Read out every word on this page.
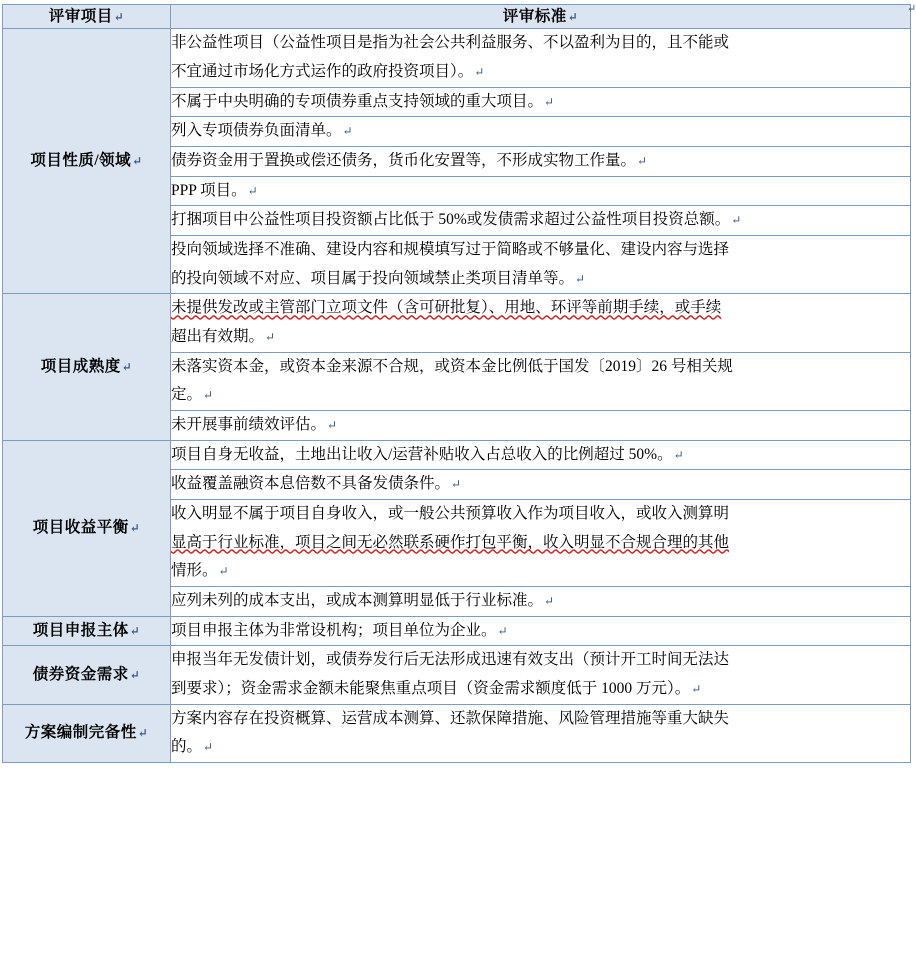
评审项目↵	评审标准↵
项目性质/领域↵	非公益性项目（公益性项目是指为社会公共利益服务、不以盈利为目的，且不能或
不宜通过市场化方式运作的政府投资项目）。↵

	不属于中央明确的专项债券重点支持领域的重大项目。↵

	列入专项债券负面清单。↵

	债券资金用于置换或偿还债务，货币化安置等，不形成实物工作量。↵

	PPP 项目。↵

	打捆项目中公益性项目投资额占比低于 50%或发债需求超过公益性项目投资总额。↵

	投向领域选择不准确、建设内容和规模填写过于简略或不够量化、建设内容与选择
的投向领域不对应、项目属于投向领域禁止类项目清单等。↵

项目成熟度↵	未提供发改或主管部门立项文件（含可研批复）、用地、环评等前期手续，或手续
超出有效期。↵

	未落实资本金，或资本金来源不合规，或资本金比例低于国发〔2019〕26 号相关规
定。↵

	未开展事前绩效评估。↵

项目收益平衡↵	项目自身无收益，土地出让收入/运营补贴收入占总收入的比例超过 50%。↵

	收益覆盖融资本息倍数不具备发债条件。↵

	收入明显不属于项目自身收入，或一般公共预算收入作为项目收入，或收入测算明
显高于行业标准，项目之间无必然联系硬作打包平衡，收入明显不合规合理的其他
情形。↵

	应列未列的成本支出，或成本测算明显低于行业标准。↵

项目申报主体↵	项目申报主体为非常设机构；项目单位为企业。↵

债券资金需求↵	申报当年无发债计划，或债券发行后无法形成迅速有效支出（预计开工时间无法达
到要求）；资金需求金额未能聚焦重点项目（资金需求额度低于 1000 万元）。↵

方案编制完备性↵	方案内容存在投资概算、运营成本测算、还款保障措施、风险管理措施等重大缺失
的。↵
↵
